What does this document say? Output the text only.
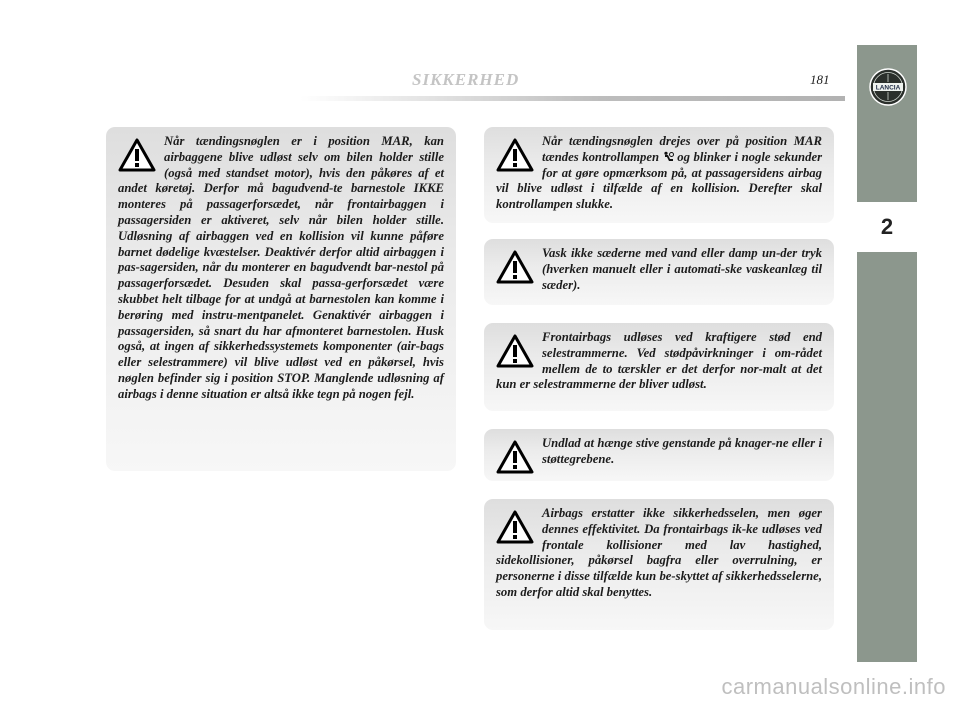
SIKKERHED	181
LANCIA
2

Når tændingsnøglen er i position MAR, kan airbaggene blive udløst selv om bilen holder stille (også med standset motor), hvis den påkøres af et andet køretøj. Derfor må bagudvend-te barnestole IKKE monteres på passagerforsædet, når frontairbaggen i passagersiden er aktiveret, selv når bilen holder stille. Udløsning af airbaggen ved en kollision vil kunne påføre barnet dødelige kvæstelser. Deaktivér derfor altid airbaggen i pas-sagersiden, når du monterer en bagudvendt bar-nestol på passagerforsædet. Desuden skal passa-gerforsædet være skubbet helt tilbage for at undgå at barnestolen kan komme i berøring med instru-mentpanelet. Genaktivér airbaggen i passagersiden, så snart du har afmonteret barnestolen. Husk også, at ingen af sikkerhedssystemets komponenter (air-bags eller selestrammere) vil blive udløst ved en påkørsel, hvis nøglen befinder sig i position STOP. Manglende udløsning af airbags i denne situation er altså ikke tegn på nogen fejl.

Når tændingsnøglen drejes over på position MAR tændes kontrollampen og blinker i nogle sekunder for at gøre opmærksom på, at passagersidens airbag vil blive udløst i tilfælde af en kollision. Derefter skal kontrollampen slukke.

Vask ikke sæderne med vand eller damp un-der tryk (hverken manuelt eller i automati-ske vaskeanlæg til sæder).

Frontairbags udløses ved kraftigere stød end selestrammerne. Ved stødpåvirkninger i om-rådet mellem de to tærskler er det derfor nor-malt at det kun er selestrammerne der bliver udløst.

Undlad at hænge stive genstande på knager-ne eller i støttegrebene.

Airbags erstatter ikke sikkerhedsselen, men øger dennes effektivitet. Da frontairbags ik-ke udløses ved frontale kollisioner med lav hastighed, sidekollisioner, påkørsel bagfra eller overrulning, er personerne i disse tilfælde kun be-skyttet af sikkerhedsselerne, som derfor altid skal benyttes.

carmanualsonline.info
